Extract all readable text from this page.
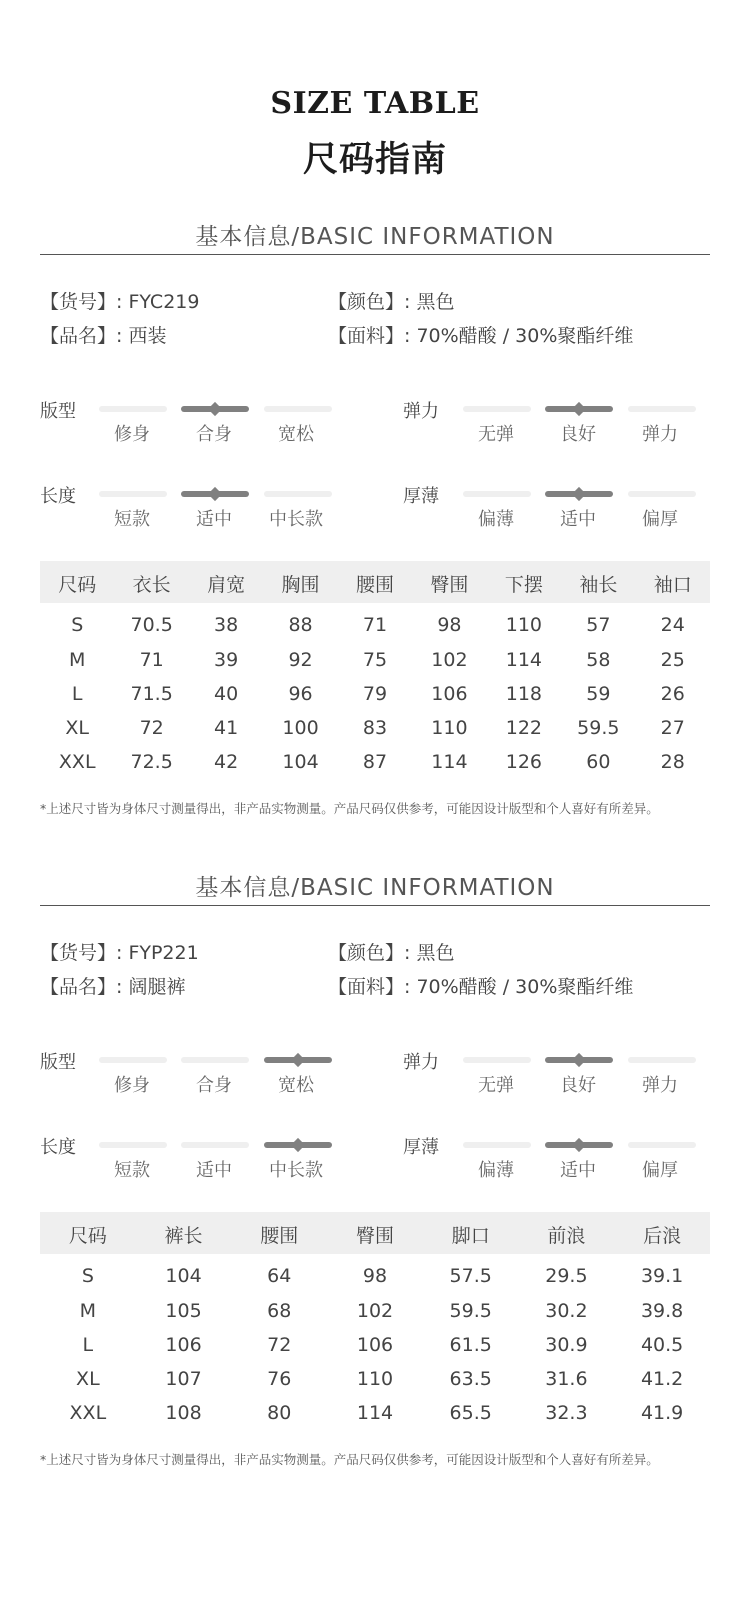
SIZE TABLE
尺码指南
基本信息/BASIC INFORMATION
【货号】: FYC219
【品名】: 西装
【颜色】: 黑色
【面料】: 70%醋酸 / 30%聚酯纤维
版型
修身	合身	宽松
弹力
无弹	良好	弹力
长度
短款	适中	中长款
厚薄
偏薄	适中	偏厚
尺码	衣长	肩宽	胸围	腰围	臀围	下摆	袖长	袖口
S	70.5	38	88	71	98	110	57	24
M	71	39	92	75	102	114	58	25
L	71.5	40	96	79	106	118	59	26
XL	72	41	100	83	110	122	59.5	27
XXL	72.5	42	104	87	114	126	60	28
*上述尺寸皆为身体尺寸测量得出，非产品实物测量。产品尺码仅供参考，可能因设计版型和个人喜好有所差异。
基本信息/BASIC INFORMATION
【货号】: FYP221
【品名】: 阔腿裤
【颜色】: 黑色
【面料】: 70%醋酸 / 30%聚酯纤维
版型
修身	合身	宽松
弹力
无弹	良好	弹力
长度
短款	适中	中长款
厚薄
偏薄	适中	偏厚
尺码	裤长	腰围	臀围	脚口	前浪	后浪
S	104	64	98	57.5	29.5	39.1
M	105	68	102	59.5	30.2	39.8
L	106	72	106	61.5	30.9	40.5
XL	107	76	110	63.5	31.6	41.2
XXL	108	80	114	65.5	32.3	41.9
*上述尺寸皆为身体尺寸测量得出，非产品实物测量。产品尺码仅供参考，可能因设计版型和个人喜好有所差异。
